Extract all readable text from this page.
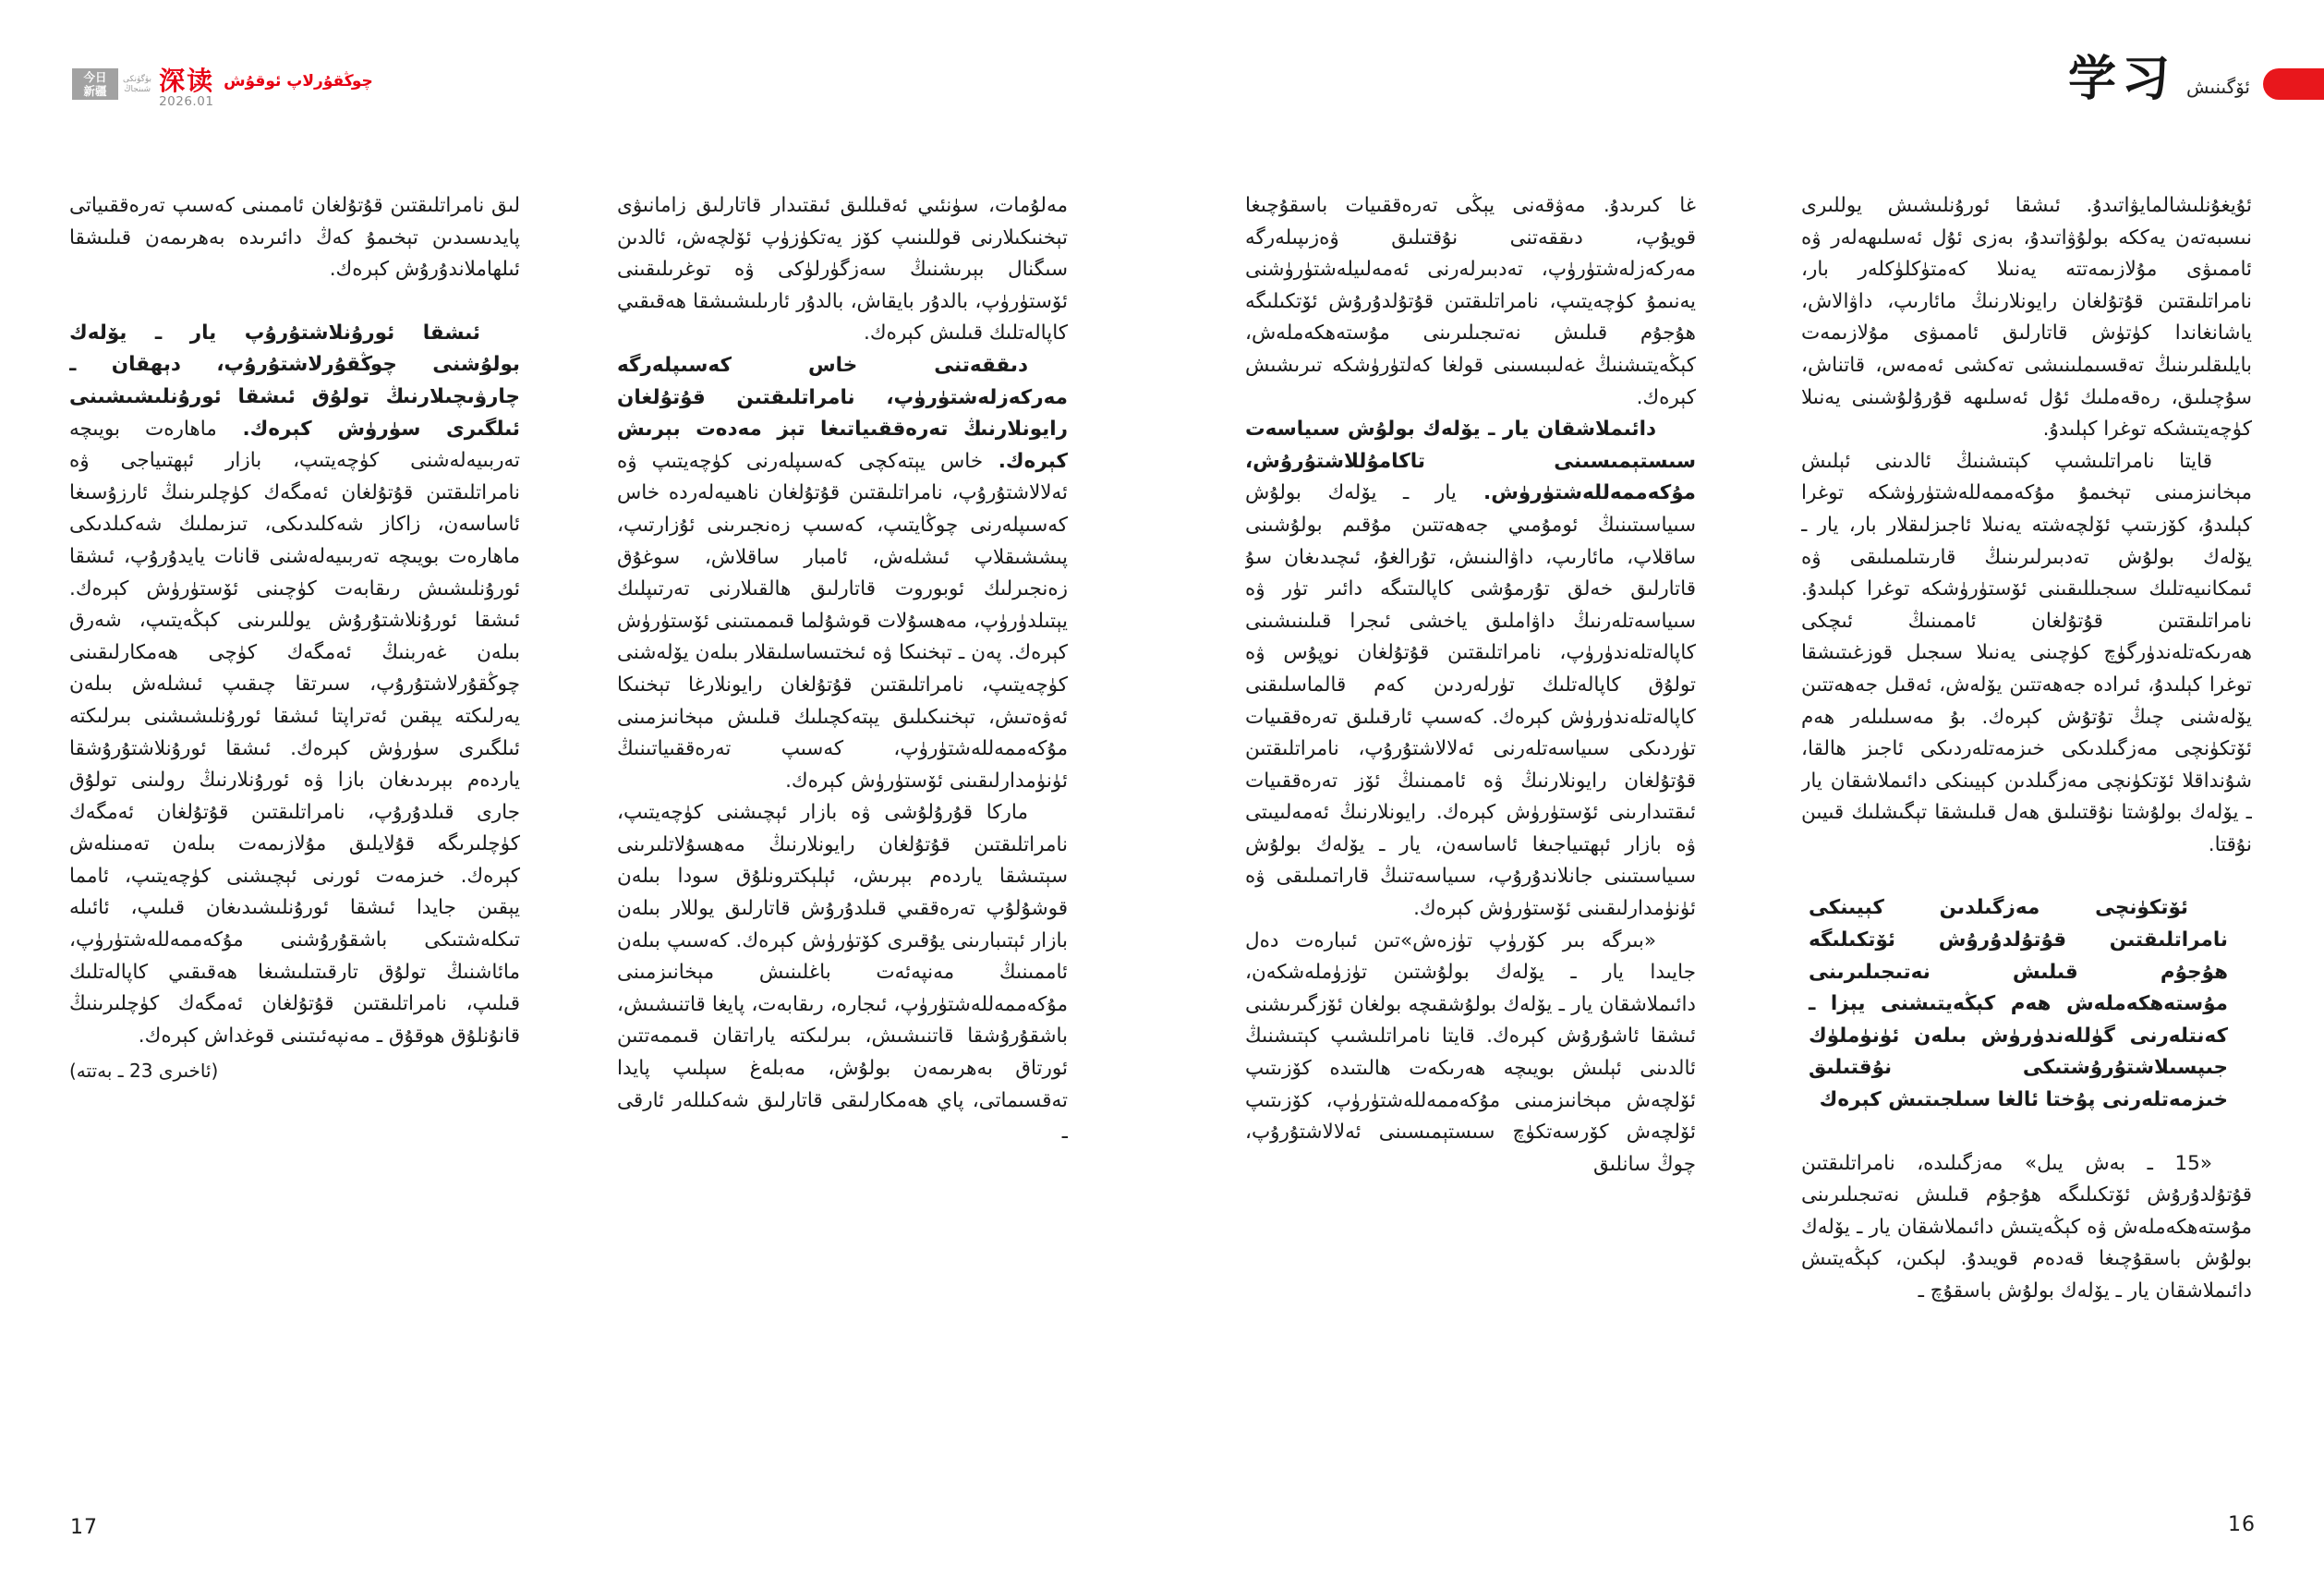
今日
新疆
بۈگۈنكى
شىنجاڭ 深读
2026.01
چوڭقۇرلاپ ئوقۇش	学习 ئۆگىنىش

لىق نامراتلىقتىن قۇتۇلغان ئاممىنى كەسىپ تەرەققىياتى پايدىسىدىن تېخىمۇ كەڭ دائىرىدە بەھرىمەن قىلىشقا ئىلھاملاندۇرۇش كېرەك.

ئىشقا ئورۇنلاشتۇرۇپ يار ـ يۆلەك بولۇشنى چوڭقۇرلاشتۇرۇپ، دېھقان ـ چارۋىچىلارنىڭ تولۇق ئىشقا ئورۇنلىشىشىنى ئىلگىرى سۈرۈش كېرەك. ماھارەت بويىچە تەربىيەلەشنى كۈچەيتىپ، بازار ئېھتىياجى ۋە نامراتلىقتىن قۇتۇلغان ئەمگەك كۈچلىرىنىڭ ئارزۇسىغا ئاساسەن، زاكاز شەكلىدىكى، تىزىملىك شەكىلدىكى ماھارەت بويىچە تەربىيەلەشنى قانات يايدۇرۇپ، ئىشقا ئورۇنلىشىش رىقابەت كۈچىنى ئۆستۈرۈش كېرەك. ئىشقا ئورۇنلاشتۇرۇش يوللىرىنى كېڭەيتىپ، شەرق بىلەن غەربنىڭ ئەمگەك كۈچى ھەمكارلىقىنى چوڭقۇرلاشتۇرۇپ، سىرتقا چىقىپ ئىشلەش بىلەن يەرلىكتە يېقىن ئەتراپتا ئىشقا ئورۇنلىشىشنى بىرلىكتە ئىلگىرى سۈرۈش كېرەك. ئىشقا ئورۇنلاشتۇرۇشقا ياردەم بېرىدىغان بازا ۋە ئورۇنلارنىڭ رولىنى تولۇق جارى قىلدۇرۇپ، نامراتلىقتىن قۇتۇلغان ئەمگەك كۈچلىرىگە قۇلايلىق مۇلازىمەت بىلەن تەمىنلەش كېرەك. خىزمەت ئورنى ئېچىشنى كۈچەيتىپ، ئامما يېقىن جايدا ئىشقا ئورۇنلىشىدىغان قىلىپ، ئائىلە تىكلەشتىكى باشقۇرۇشنى مۇكەممەللەشتۈرۈپ، مائاشنىڭ تولۇق تارقىتىلىشىغا ھەقىقىي كاپالەتلىك قىلىپ، نامراتلىقتىن قۇتۇلغان ئەمگەك كۈچلىرىنىڭ قانۇنلۇق ھوقۇق ـ مەنپەئىتىنى قوغداش كېرەك.

(ئاخىرى 23 ـ بەتتە)

مەلۇمات، سۈنئىي ئەقىللىق ئىقتىدار قاتارلىق زامانىۋى تېخنىكىلارنى قوللىنىپ كۆز يەتكۈزۈپ ئۆلچەش، ئالدىن سىگنال بېرىشنىڭ سەزگۈرلۈكى ۋە توغرىلىقىنى ئۆستۈرۈپ، بالدۇر بايقاش، بالدۇر ئارىلىشىشقا ھەقىقىي كاپالەتلىك قىلىش كېرەك.

دىققەتنى خاس كەسىپلەرگە مەركەزلەشتۈرۈپ، نامراتلىقتىن قۇتۇلغان رايونلارنىڭ تەرەققىياتىغا تېز مەدەت بېرىش كېرەك. خاس يېتەكچى كەسىپلەرنى كۈچەيتىپ ۋە ئەلالاشتۇرۇپ، نامراتلىقتىن قۇتۇلغان ناھىيەلەردە خاس كەسىپلەرنى چوڭايتىپ، كەسىپ زەنجىرىنى ئۇزارتىپ، پىششىقلاپ ئىشلەش، ئامبار ساقلاش، سوغۇق زەنجىرلىك ئوبوروت قاتارلىق ھالقىلارنى تەرتىپلىك يېتىلدۈرۈپ، مەھسۇلات قوشۇلما قىممىتىنى ئۆستۈرۈش كېرەك. پەن ـ تېخنىكا ۋە ئىختىساسلىقلار بىلەن يۆلەشنى كۈچەيتىپ، نامراتلىقتىن قۇتۇلغان رايونلارغا تېخنىكا ئەۋەتىش، تېخنىكىلىق يېتەكچىلىك قىلىش مېخانىزمىنى مۇكەممەللەشتۈرۈپ، كەسىپ تەرەققىياتىنىڭ ئۈنۈمدارلىقىنى ئۆستۈرۈش كېرەك.

ماركا قۇرۇلۇشى ۋە بازار ئېچىشنى كۈچەيتىپ، نامراتلىقتىن قۇتۇلغان رايونلارنىڭ مەھسۇلاتلىرىنى سېتىشقا ياردەم بېرىش، ئېلېكترونلۇق سودا بىلەن قوشۇلۇپ تەرەققىي قىلدۇرۇش قاتارلىق يوللار بىلەن بازار ئېتىبارىنى يۇقىرى كۆتۈرۈش كېرەك. كەسىپ بىلەن ئاممىنىڭ مەنپەئەت باغلىنىش مېخانىزمىنى مۇكەممەللەشتۈرۈپ، ئىجارە، رىقابەت، پايغا قاتنىشىش، باشقۇرۇشقا قاتنىشىش، بىرلىكتە ياراتقان قىممەتتىن ئورتاق بەھرىمەن بولۇش، مەبلەغ سېلىپ پايدا تەقسىماتى، پاي ھەمكارلىقى قاتارلىق شەكىللەر ئارقى ـ

غا كىرىدۇ. مەۋقەنى يېڭى تەرەققىيات باسقۇچىغا قويۇپ، دىققەتنى نۇقتىلىق ۋەزىپىلەرگە مەركەزلەشتۈرۈپ، تەدبىرلەرنى ئەمەلىيلەشتۈرۈشنى يەنىمۇ كۈچەيتىپ، نامراتلىقتىن قۇتۇلدۇرۇش ئۆتكىلىگە ھۇجۇم قىلىش نەتىجىلىرىنى مۇستەھكەملەش، كېڭەيتىشنىڭ غەلىبىسىنى قولغا كەلتۈرۈشكە تىرىشىش كېرەك.

دائىملاشقان يار ـ يۆلەك بولۇش سىياسەت سىستېمىسىنى تاكامۇللاشتۇرۇش، مۇكەممەللەشتۈرۈش. يار ـ يۆلەك بولۇش سىياسىتىنىڭ ئومۇمىي جەھەتتىن مۇقىم بولۇشىنى ساقلاپ، مائارىپ، داۋالىنىش، تۇرالغۇ، ئىچىدىغان سۇ قاتارلىق خەلق تۇرمۇشى كاپالىتىگە دائىر تۈر ۋە سىياسەتلەرنىڭ داۋاملىق ياخشى ئىجرا قىلىنىشىنى كاپالەتلەندۈرۈپ، نامراتلىقتىن قۇتۇلغان نوپۇس ۋە تولۇق كاپالەتلىك تۈرلەردىن كەم قالماسلىقنى كاپالەتلەندۈرۈش كېرەك. كەسىپ ئارقىلىق تەرەققىيات تۈردىكى سىياسەتلەرنى ئەلالاشتۇرۇپ، نامراتلىقتىن قۇتۇلغان رايونلارنىڭ ۋە ئاممىنىڭ ئۆز تەرەققىيات ئىقتىدارىنى ئۆستۈرۈش كېرەك. رايونلارنىڭ ئەمەلىيىتى ۋە بازار ئېھتىياجىغا ئاساسەن، يار ـ يۆلەك بولۇش سىياسىتىنى جانلاندۇرۇپ، سىياسەتنىڭ قاراتمىلىقى ۋە ئۈنۈمدارلىقىنى ئۆستۈرۈش كېرەك.

«بىرگە بىر كۆرۈپ تۈزەش»تىن ئىبارەت دەل جايىدا يار ـ يۆلەك بولۇشتىن تۈزۈملەشكەن، دائىملاشقان يار ـ يۆلەك بولۇشقىچە بولغان ئۆزگىرىشنى ئىشقا ئاشۇرۇش كېرەك. قايتا نامراتلىشىپ كېتىشنىڭ ئالدىنى ئېلىش بويىچە ھەرىكەت ھالىتىدە كۆزىتىپ ئۆلچەش مېخانىزمىنى مۇكەممەللەشتۈرۈپ، كۆزىتىپ ئۆلچەش كۆرسەتكۈچ سىستېمىسىنى ئەلالاشتۇرۇپ، چوڭ سانلىق

ئۇيغۇنلىشالمايۋاتىدۇ. ئىشقا ئورۇنلىشىش يوللىرى نىسبەتەن يەككە بولۇۋاتىدۇ، بەزى ئۇل ئەسلىھەلەر ۋە ئاممىۋى مۇلازىمەتتە يەنىلا كەمتۈكلۈكلەر بار، نامراتلىقتىن قۇتۇلغان رايونلارنىڭ مائارىپ، داۋالاش، ياشانغاندا كۈتۈش قاتارلىق ئاممىۋى مۇلازىمەت بايلىقلىرىنىڭ تەقسىملىنىشى تەكشى ئەمەس، قاتناش، سۇچىلىق، رەقەملىك ئۇل ئەسلىھە قۇرۇلۇشىنى يەنىلا كۈچەيتىشكە توغرا كېلىدۇ.

قايتا نامراتلىشىپ كېتىشنىڭ ئالدىنى ئېلىش مېخانىزمىنى تېخىمۇ مۇكەممەللەشتۈرۈشكە توغرا كېلىدۇ، كۆزىتىپ ئۆلچەشتە يەنىلا ئاجىزلىقلار بار، يار ـ يۆلەك بولۇش تەدبىرلىرىنىڭ قارىتىلمىلىقى ۋە ئىمكانىيەتلىك سىجىللىقىنى ئۆستۈرۈشكە توغرا كېلىدۇ. نامراتلىقتىن قۇتۇلغان ئاممىنىڭ ئىچكى ھەرىكەتلەندۈرگۈچ كۈچىنى يەنىلا سىجىل قوزغىتىشقا توغرا كېلىدۇ، ئىرادە جەھەتتىن يۆلەش، ئەقىل جەھەتتىن يۆلەشنى چىڭ تۇتۇش كېرەك. بۇ مەسىلىلەر ھەم ئۆتكۈنچى مەزگىلدىكى خىزمەتلەردىكى ئاجىز ھالقا، شۇنداقلا ئۆتكۈنچى مەزگىلدىن كېيىنكى دائىملاشقان يار ـ يۆلەك بولۇشتا نۇقتىلىق ھەل قىلىشقا تېگىشلىك قىيىن نۇقتا.

ئۆتكۈنچى مەزگىلدىن كېيىنكى نامراتلىقتىن قۇتۇلدۇرۇش ئۆتكىلىگە ھۇجۇم قىلىش نەتىجىلىرىنى مۇستەھكەملەش ھەم كېڭەيتىشنى يېزا ـ كەنتلەرنى گۈللەندۈرۈش بىلەن ئۈنۈملۈك جىپسىلاشتۇرۇشتىكى نۇقتىلىق خىزمەتلەرنى پۇختا ئالغا سىلجىتىش كېرەك

«15 ـ بەش يىل» مەزگىلىدە، نامراتلىقتىن قۇتۇلدۇرۇش ئۆتكىلىگە ھۇجۇم قىلىش نەتىجىلىرىنى مۇستەھكەملەش ۋە كېڭەيتىش دائىملاشقان يار ـ يۆلەك بولۇش باسقۇچىغا قەدەم قويىدۇ. لېكىن، كېڭەيتىش دائىملاشقان يار ـ يۆلەك بولۇش باسقۇچ ـ

17	16
